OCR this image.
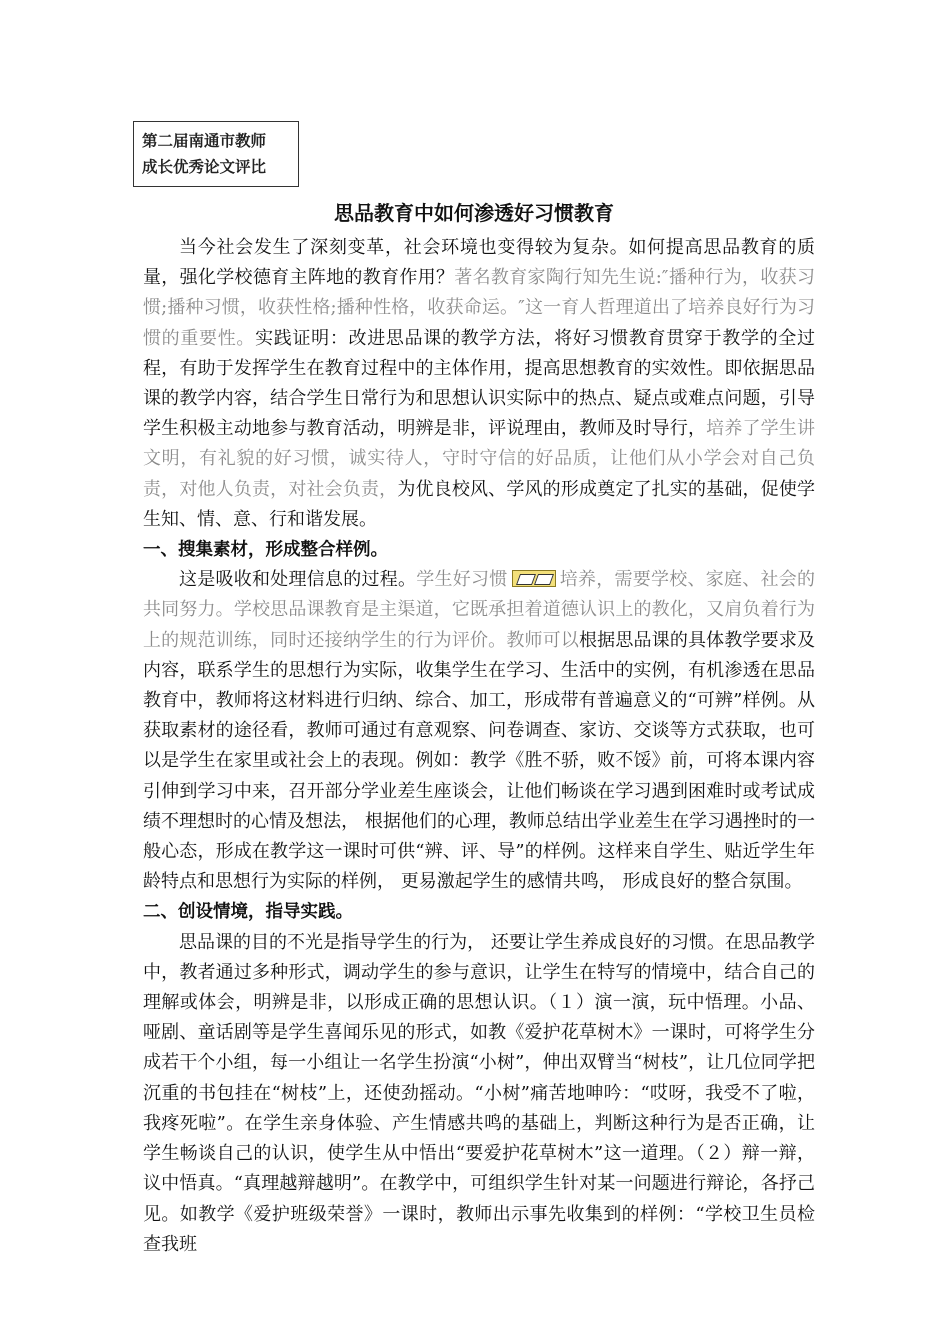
第二届南通市教师
成长优秀论文评比
思品教育中如何渗透好习惯教育

当今社会发生了深刻变革，社会环境也变得较为复杂。如何提高思品教育的质量，强化学校德育主阵地的教育作用？著名教育家陶行知先生说:″播种行为，收获习惯;播种习惯，收获性格;播种性格，收获命运。″这一育人哲理道出了培养良好行为习惯的重要性。实践证明：改进思品课的教学方法，将好习惯教育贯穿于教学的全过程，有助于发挥学生在教育过程中的主体作用，提高思想教育的实效性。即依据思品课的教学内容，结合学生日常行为和思想认识实际中的热点、疑点或难点问题，引导学生积极主动地参与教育活动，明辨是非，评说理由，教师及时导行，培养了学生讲文明，有礼貌的好习惯，诚实待人，守时守信的好品质，让他们从小学会对自己负责，对他人负责，对社会负责，为优良校风、学风的形成奠定了扎实的基础，促使学生知、情、意、行和谐发展。

一、搜集素材，形成整合样例。

这是吸收和处理信息的过程。学生好习惯	培养，需要学校、家庭、社会的共同努力。学校思品课教育是主渠道，它既承担着道德认识上的教化，又肩负着行为上的规范训练，同时还接纳学生的行为评价。教师可以根据思品课的具体教学要求及内容，联系学生的思想行为实际，收集学生在学习、生活中的实例，有机渗透在思品教育中，教师将这材料进行归纳、综合、加工，形成带有普遍意义的“可辨”样例。从获取素材的途径看，教师可通过有意观察、问卷调查、家访、交谈等方式获取，也可以是学生在家里或社会上的表现。例如：教学《胜不骄，败不馁》前，可将本课内容引伸到学习中来，召开部分学业差生座谈会，让他们畅谈在学习遇到困难时或考试成绩不理想时的心情及想法， 根据他们的心理，教师总结出学业差生在学习遇挫时的一般心态，形成在教学这一课时可供“辨、评、导”的样例。这样来自学生、贴近学生年龄特点和思想行为实际的样例， 更易激起学生的感情共鸣， 形成良好的整合氛围。

二、创设情境，指导实践。

思品课的目的不光是指导学生的行为， 还要让学生养成良好的习惯。在思品教学中，教者通过多种形式，调动学生的参与意识，让学生在特写的情境中，结合自己的理解或体会，明辨是非，以形成正确的思想认识。（１）演一演，玩中悟理。小品、哑剧、童话剧等是学生喜闻乐见的形式，如教《爱护花草树木》一课时，可将学生分成若干个小组，每一小组让一名学生扮演“小树”，伸出双臂当“树枝”，让几位同学把沉重的书包挂在“树枝”上，还使劲摇动。“小树”痛苦地呻吟：“哎呀，我受不了啦，我疼死啦”。在学生亲身体验、产生情感共鸣的基础上，判断这种行为是否正确，让学生畅谈自己的认识，使学生从中悟出“要爱护花草树木”这一道理。（２）辩一辩，议中悟真。“真理越辩越明”。在教学中，可组织学生针对某一问题进行辩论，各抒己见。如教学《爱护班级荣誉》一课时，教师出示事先收集到的样例：“学校卫生员检查我班
